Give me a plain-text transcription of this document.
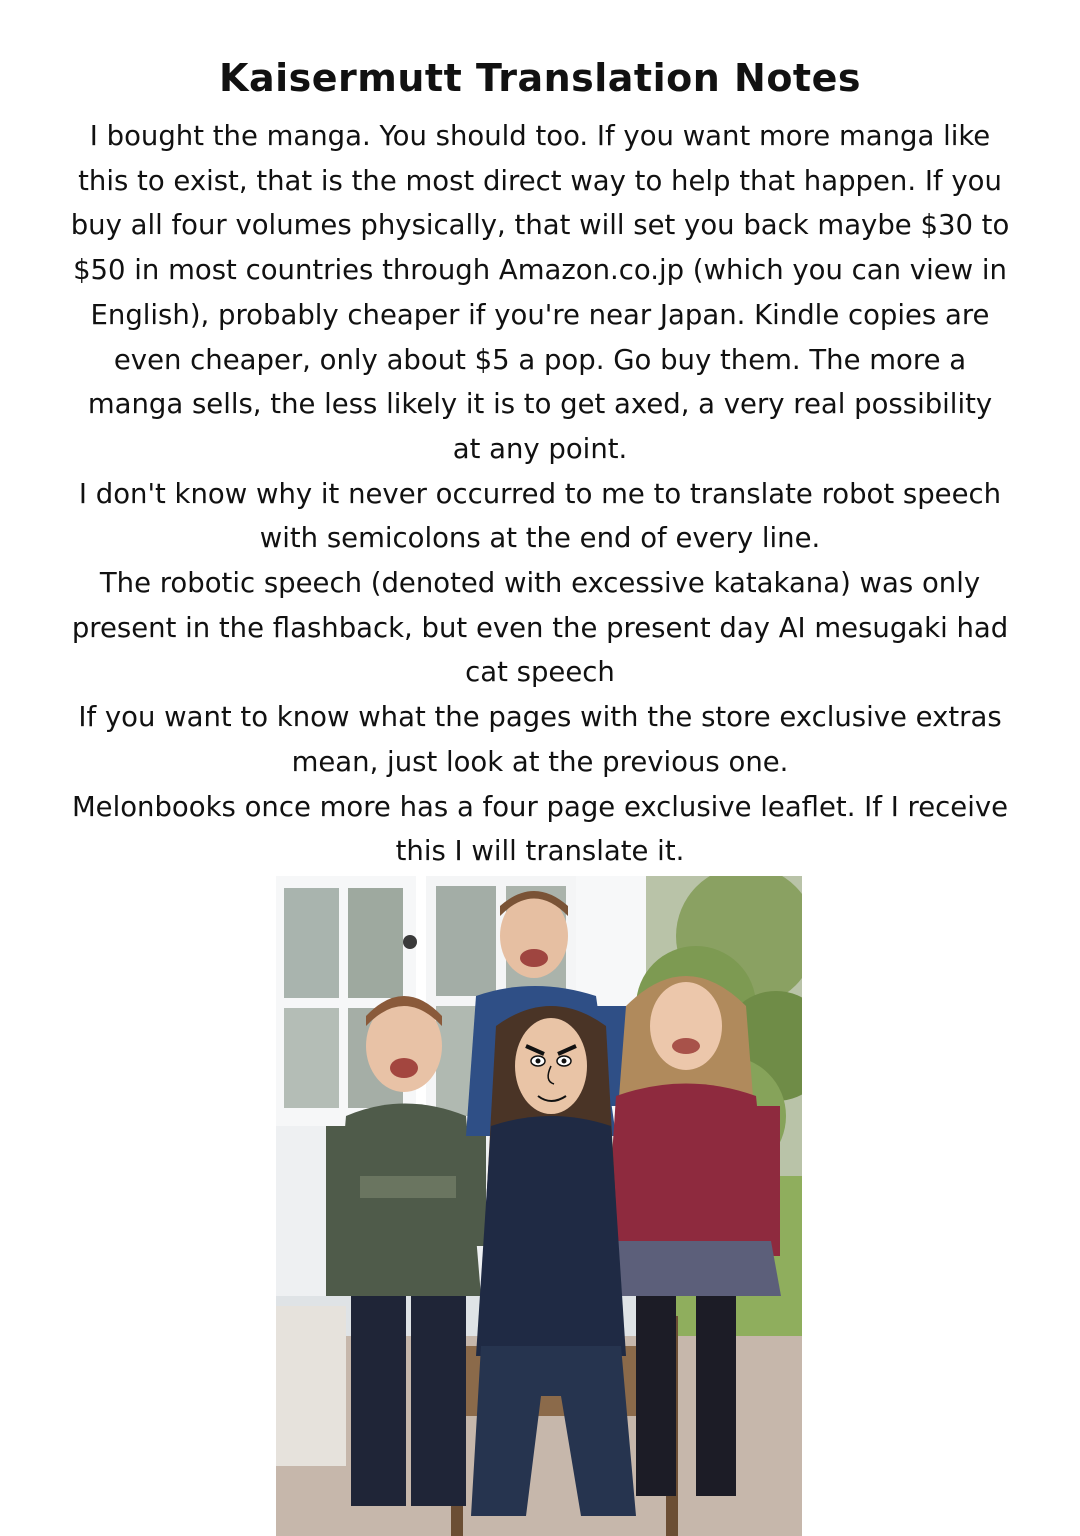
Kaisermutt Translation Notes

I bought the manga. You should too. If you want more manga like this to exist, that is the most direct way to help that happen. If you buy all four volumes physically, that will set you back maybe $30 to $50 in most countries through Amazon.co.jp (which you can view in English), probably cheaper if you're near Japan. Kindle copies are even cheaper, only about $5 a pop. Go buy them. The more a manga sells, the less likely it is to get axed, a very real possibility at any point.

I don't know why it never occurred to me to translate robot speech with semicolons at the end of every line.

The robotic speech (denoted with excessive katakana) was only present in the flashback, but even the present day AI mesugaki had cat speech

If you want to know what the pages with the store exclusive extras mean, just look at the previous one.

Melonbooks once more has a four page exclusive leaflet. If I receive this I will translate it.
